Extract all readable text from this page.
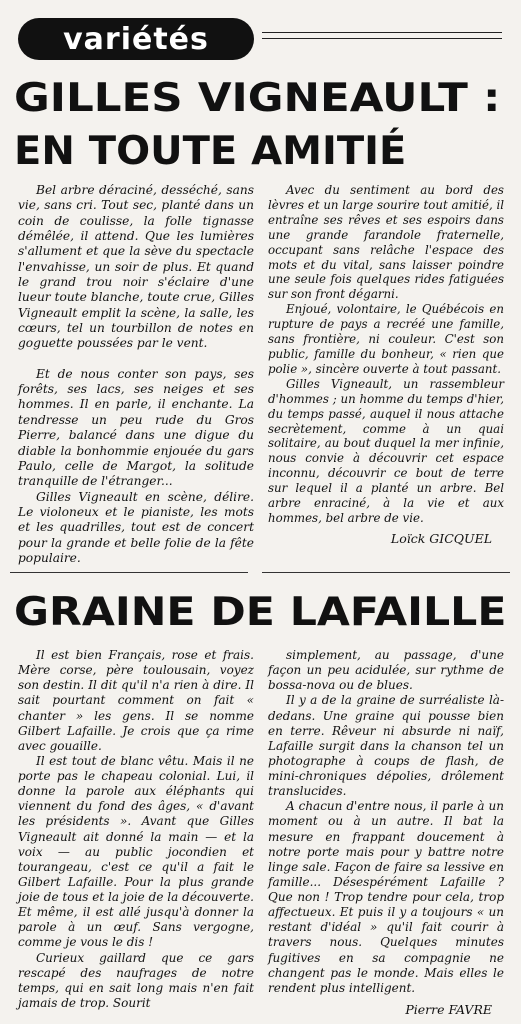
variétés
GILLES VIGNEAULT :
EN TOUTE AMITIÉ

Bel arbre déraciné, desséché, sans vie, sans cri. Tout sec, planté dans un coin de coulisse, la folle tignasse démêlée, il attend. Que les lumières s'allument et que la sève du spectacle l'envahisse, un soir de plus. Et quand le grand trou noir s'éclaire d'une lueur toute blanche, toute crue, Gilles Vigneault emplit la scène, la salle, les cœurs, tel un tourbillon de notes en goguette poussées par le vent.

Et de nous conter son pays, ses forêts, ses lacs, ses neiges et ses hommes. Il en parle, il enchante. La tendresse un peu rude du Gros Pierre, balancé dans une digue du diable la bonhommie enjouée du gars Paulo, celle de Margot, la solitude tranquille de l'étranger...

Gilles Vigneault en scène, délire. Le violoneux et le pianiste, les mots et les quadrilles, tout est de concert pour la grande et belle folie de la fête populaire.

Avec du sentiment au bord des lèvres et un large sourire tout amitié, il entraîne ses rêves et ses espoirs dans une grande farandole fraternelle, occupant sans relâche l'espace des mots et du vital, sans laisser poindre une seule fois quelques rides fatiguées sur son front dégarni.

Enjoué, volontaire, le Québécois en rupture de pays a recréé une famille, sans frontière, ni couleur. C'est son public, famille du bonheur, « rien que polie », sincère ouverte à tout passant.

Gilles Vigneault, un rassembleur d'hommes ; un homme du temps d'hier, du temps passé, auquel il nous attache secrètement, comme à un quai solitaire, au bout duquel la mer infinie, nous convie à découvrir cet espace inconnu, découvrir ce bout de terre sur lequel il a planté un arbre. Bel arbre enraciné, à la vie et aux hommes, bel arbre de vie.

Loïck GICQUEL
GRAINE DE LAFAILLE

Il est bien Français, rose et frais. Mère corse, père toulousain, voyez son destin. Il dit qu'il n'a rien à dire. Il sait pourtant comment on fait « chanter » les gens. Il se nomme Gilbert Lafaille. Je crois que ça rime avec gouaille.

Il est tout de blanc vêtu. Mais il ne porte pas le chapeau colonial. Lui, il donne la parole aux éléphants qui viennent du fond des âges, « d'avant les présidents ». Avant que Gilles Vigneault ait donné la main — et la voix — au public jocondien et tourangeau, c'est ce qu'il a fait le Gilbert Lafaille. Pour la plus grande joie de tous et la joie de la découverte. Et même, il est allé jusqu'à donner la parole à un œuf. Sans vergogne, comme je vous le dis !

Curieux gaillard que ce gars rescapé des naufrages de notre temps, qui en sait long mais n'en fait jamais de trop. Sourit

simplement, au passage, d'une façon un peu acidulée, sur rythme de bossa-nova ou de blues.

Il y a de la graine de surréaliste là-dedans. Une graine qui pousse bien en terre. Rêveur ni absurde ni naïf, Lafaille surgit dans la chanson tel un photographe à coups de flash, de mini-chroniques dépolies, drôlement translucides.

A chacun d'entre nous, il parle à un moment ou à un autre. Il bat la mesure en frappant doucement à notre porte mais pour y battre notre linge sale. Façon de faire sa lessive en famille... Désespérément Lafaille ? Que non ! Trop tendre pour cela, trop affectueux. Et puis il y a toujours « un restant d'idéal » qu'il fait courir à travers nous. Quelques minutes fugitives en sa compagnie ne changent pas le monde. Mais elles le rendent plus intelligent.

Pierre FAVRE
